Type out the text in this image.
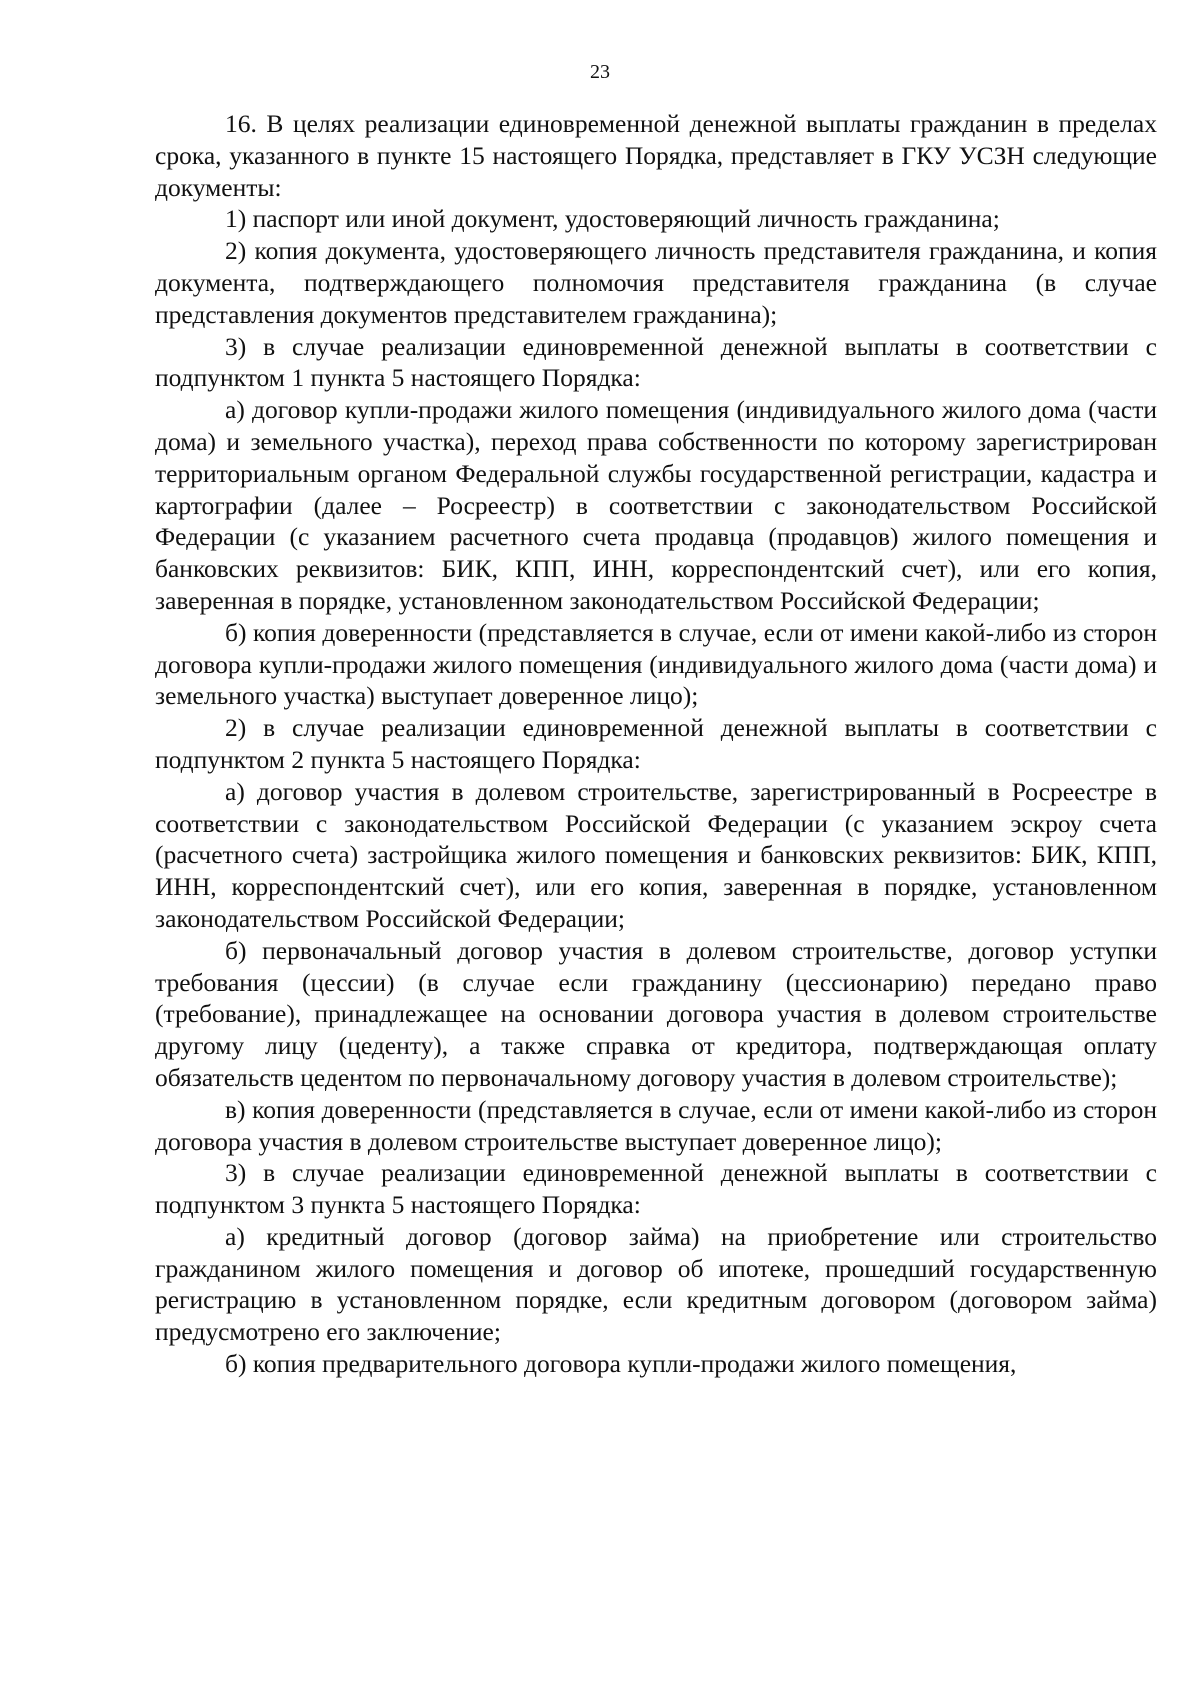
23

16. В целях реализации единовременной денежной выплаты гражданин в пределах срока, указанного в пункте 15 настоящего Порядка, представляет в ГКУ УСЗН следующие документы:

1) паспорт или иной документ, удостоверяющий личность гражданина;

2) копия документа, удостоверяющего личность представителя гражданина, и копия документа, подтверждающего полномочия представителя гражданина (в случае представления документов представителем гражданина);

3) в случае реализации единовременной денежной выплаты в соответствии с подпунктом 1 пункта 5 настоящего Порядка:

а) договор купли-продажи жилого помещения (индивидуального жилого дома (части дома) и земельного участка), переход права собственности по которому зарегистрирован территориальным органом Федеральной службы государственной регистрации, кадастра и картографии (далее – Росреестр) в соответствии с законодательством Российской Федерации (с указанием расчетного счета продавца (продавцов) жилого помещения и банковских реквизитов: БИК, КПП, ИНН, корреспондентский счет), или его копия, заверенная в порядке, установленном законодательством Российской Федерации;

б) копия доверенности (представляется в случае, если от имени какой-либо из сторон договора купли-продажи жилого помещения (индивидуального жилого дома (части дома) и земельного участка) выступает доверенное лицо);

2) в случае реализации единовременной денежной выплаты в соответствии с подпунктом 2 пункта 5 настоящего Порядка:

а) договор участия в долевом строительстве, зарегистрированный в Росреестре в соответствии с законодательством Российской Федерации (с указанием эскроу счета (расчетного счета) застройщика жилого помещения и банковских реквизитов: БИК, КПП, ИНН, корреспондентский счет), или его копия, заверенная в порядке, установленном законодательством Российской Федерации;

б) первоначальный договор участия в долевом строительстве, договор уступки требования (цессии) (в случае если гражданину (цессионарию) передано право (требование), принадлежащее на основании договора участия в долевом строительстве другому лицу (цеденту), а также справка от кредитора, подтверждающая оплату обязательств цедентом по первоначальному договору участия в долевом строительстве);

в) копия доверенности (представляется в случае, если от имени какой-либо из сторон договора участия в долевом строительстве выступает доверенное лицо);

3) в случае реализации единовременной денежной выплаты в соответствии с подпунктом 3 пункта 5 настоящего Порядка:

а) кредитный договор (договор займа) на приобретение или строительство гражданином жилого помещения и договор об ипотеке, прошедший государственную регистрацию в установленном порядке, если кредитным договором (договором займа) предусмотрено его заключение;

б) копия предварительного договора купли-продажи жилого помещения,
